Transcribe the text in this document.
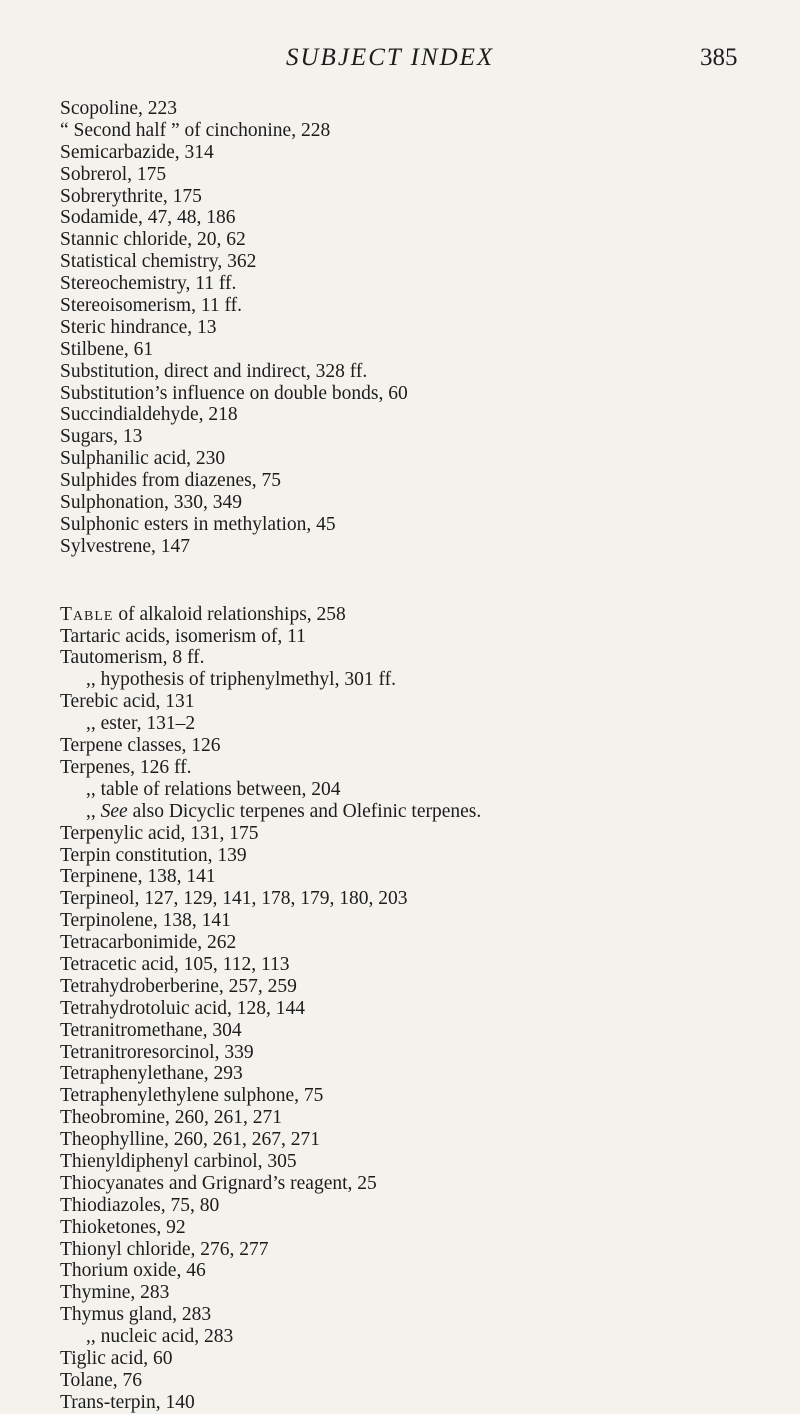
SUBJECT INDEX	385
Scopoline, 223
“ Second half ” of cinchonine, 228
Semicarbazide, 314
Sobrerol, 175
Sobrerythrite, 175
Sodamide, 47, 48, 186
Stannic chloride, 20, 62
Statistical chemistry, 362
Stereochemistry, 11 ff.
Stereoisomerism, 11 ff.
Steric hindrance, 13
Stilbene, 61
Substitution, direct and indirect, 328 ff.
Substitution’s influence on double bonds, 60
Succindialdehyde, 218
Sugars, 13
Sulphanilic acid, 230
Sulphides from diazenes, 75
Sulphonation, 330, 349
Sulphonic esters in methylation, 45
Sylvestrene, 147
Table of alkaloid relationships, 258
Tartaric acids, isomerism of, 11
Tautomerism, 8 ff.
,, hypothesis of triphenylmethyl, 301 ff.
Terebic acid, 131
,, ester, 131–2
Terpene classes, 126
Terpenes, 126 ff.
,, table of relations between, 204
,, See also Dicyclic terpenes and Olefinic terpenes.
Terpenylic acid, 131, 175
Terpin constitution, 139
Terpinene, 138, 141
Terpineol, 127, 129, 141, 178, 179, 180, 203
Terpinolene, 138, 141
Tetracarbonimide, 262
Tetracetic acid, 105, 112, 113
Tetrahydroberberine, 257, 259
Tetrahydrotoluic acid, 128, 144
Tetranitromethane, 304
Tetranitroresorcinol, 339
Tetraphenylethane, 293
Tetraphenylethylene sulphone, 75
Theobromine, 260, 261, 271
Theophylline, 260, 261, 267, 271
Thienyldiphenyl carbinol, 305
Thiocyanates and Grignard’s reagent, 25
Thiodiazoles, 75, 80
Thioketones, 92
Thionyl chloride, 276, 277
Thorium oxide, 46
Thymine, 283
Thymus gland, 283
,, nucleic acid, 283
Tiglic acid, 60
Tolane, 76
Trans-terpin, 140
